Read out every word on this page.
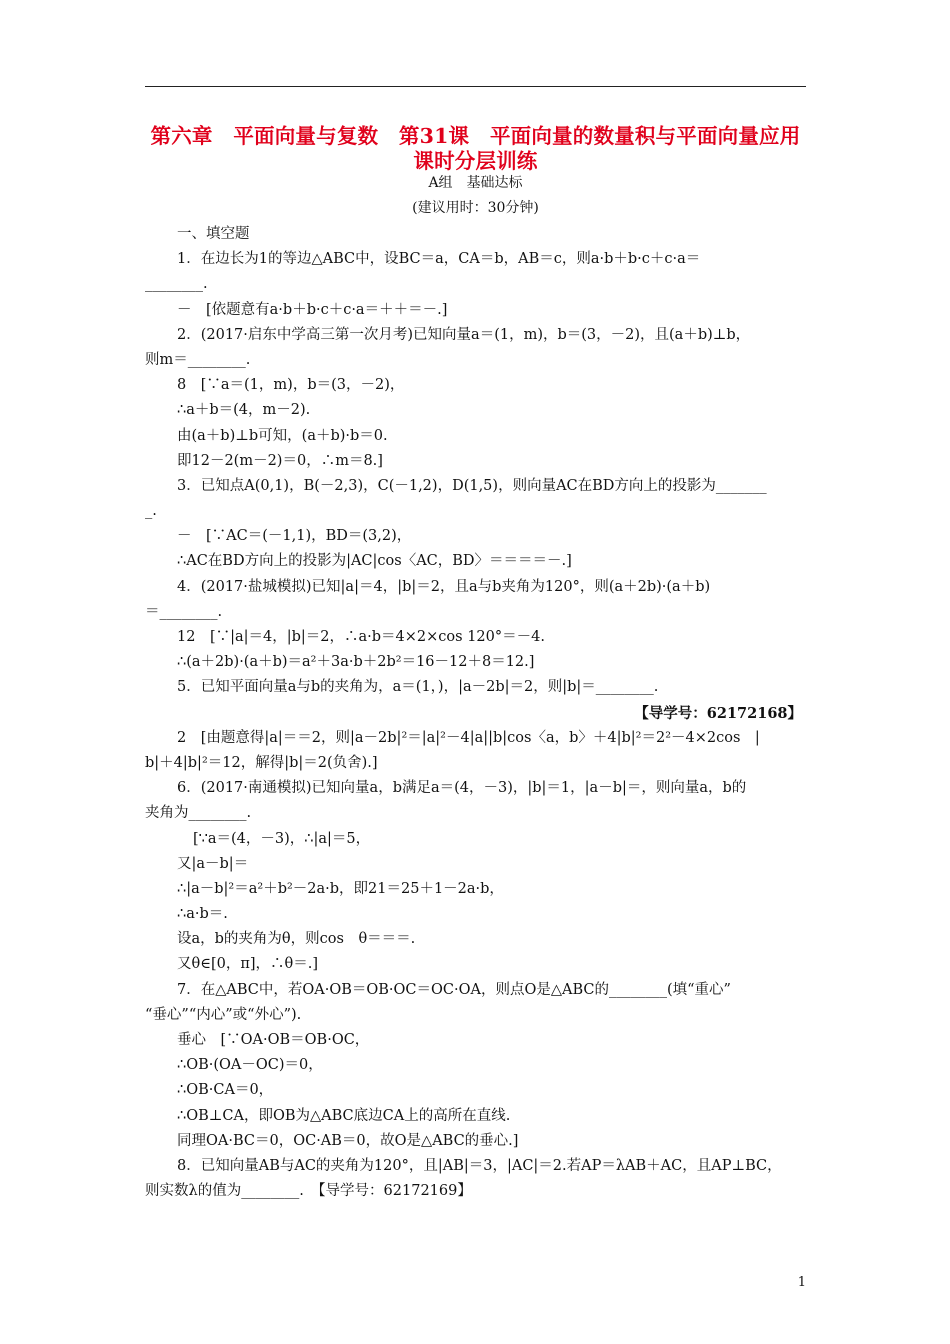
第六章　平面向量与复数　第31课　平面向量的数量积与平面向量应用课时分层训练
A组　基础达标
(建议用时：30分钟)
一、填空题
1．在边长为1的等边△ABC中，设BC＝a，CA＝b，AB＝c，则a·b＋b·c＋c·a＝
________.
－　[依题意有a·b＋b·c＋c·a＝＋＋＝－.]
2．(2017·启东中学高三第一次月考)已知向量a＝(1，m)，b＝(3，－2)，且(a＋b)⊥b，
则m＝________.
8　[∵a＝(1，m)，b＝(3，－2)，
∴a＋b＝(4，m－2).
由(a＋b)⊥b可知，(a＋b)·b＝0.
即12－2(m－2)＝0，∴m＝8.]
3．已知点A(0,1)，B(－2,3)，C(－1,2)，D(1,5)，则向量AC在BD方向上的投影为_______
_.
－　[∵AC＝(－1,1)，BD＝(3,2)，
∴AC在BD方向上的投影为|AC|cos〈AC，BD〉＝＝＝＝－.]
4．(2017·盐城模拟)已知|a|＝4，|b|＝2，且a与b夹角为120°，则(a＋2b)·(a＋b)
＝________.
12　[∵|a|＝4，|b|＝2，∴a·b＝4×2×cos 120°＝－4.
∴(a＋2b)·(a＋b)＝a²＋3a·b＋2b²＝16－12＋8＝12.]
5．已知平面向量a与b的夹角为，a＝(1，)，|a－2b|＝2，则|b|＝________.
【导学号：62172168】
2　[由题意得|a|＝＝2，则|a－2b|²＝|a|²－4|a||b|cos〈a，b〉＋4|b|²＝2²－4×2cos　|
b|＋4|b|²＝12，解得|b|＝2(负舍).]
6．(2017·南通模拟)已知向量a，b满足a＝(4，－3)，|b|＝1，|a－b|＝，则向量a，b的
夹角为________.
[∵a＝(4，－3)，∴|a|＝5，
又|a－b|＝
∴|a－b|²＝a²＋b²－2a·b，即21＝25＋1－2a·b，
∴a·b＝.
设a，b的夹角为θ，则cos　θ＝＝＝.
又θ∈[0，π]，∴θ＝.]
7．在△ABC中，若OA·OB＝OB·OC＝OC·OA，则点O是△ABC的________(填“重心”
“垂心”“内心”或“外心”).
垂心　[∵OA·OB＝OB·OC，
∴OB·(OA－OC)＝0，
∴OB·CA＝0，
∴OB⊥CA，即OB为△ABC底边CA上的高所在直线.
同理OA·BC＝0，OC·AB＝0，故O是△ABC的垂心.]
8．已知向量AB与AC的夹角为120°，且|AB|＝3，|AC|＝2.若AP＝λAB＋AC，且AP⊥BC，
则实数λ的值为________.　【导学号：62172169】
1
